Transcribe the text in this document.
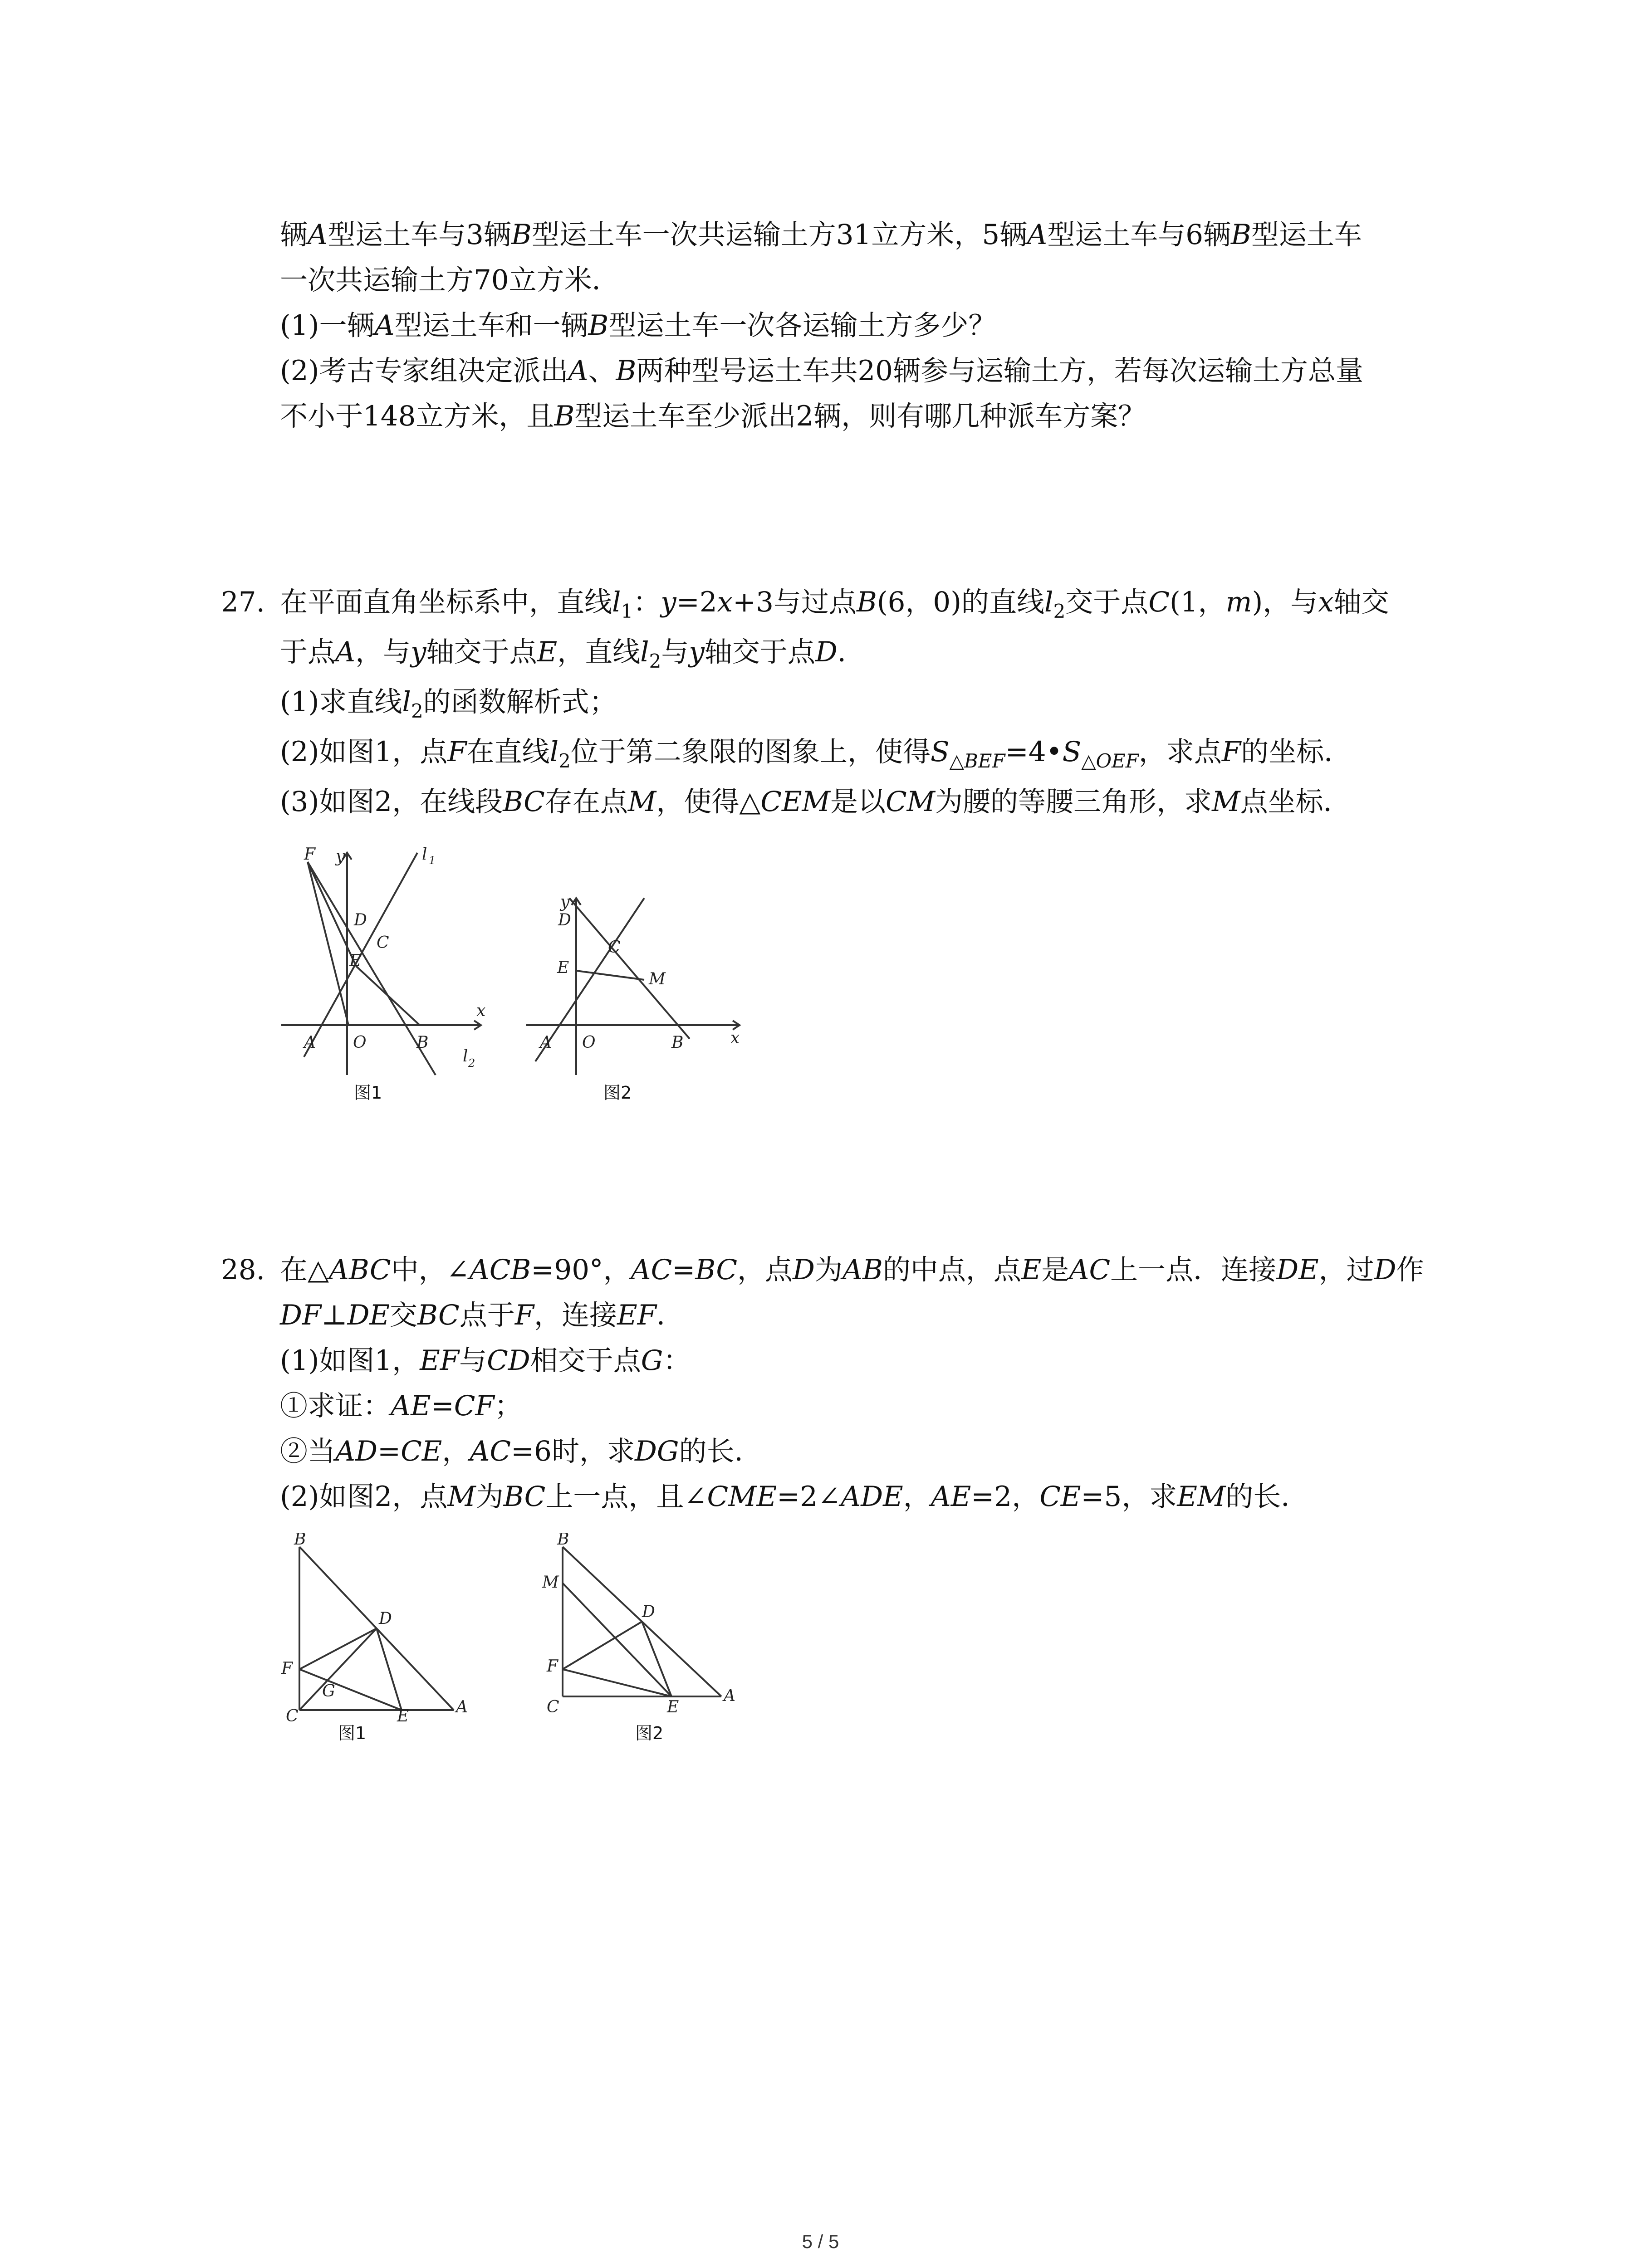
辆A型运土车与3辆B型运土车一次共运输土方31立方米，5辆A型运土车与6辆B型运土车
一次共运输土方70立方米．
(1)一辆A型运土车和一辆B型运土车一次各运输土方多少？
(2)考古专家组决定派出A、B两种型号运土车共20辆参与运输土方，若每次运输土方总量
不小于148立方米，且B型运土车至少派出2辆，则有哪几种派车方案？
27. 在平面直角坐标系中，直线$l_1$：y=2x+3与过点B(6，0)的直线$l_2$交于点C(1，m)，与x轴交
于点A，与y轴交于点E，直线$l_2$与y轴交于点D．
(1)求直线$l_2$的函数解析式；
(2)如图1，点F在直线$l_2$位于第二象限的图象上，使得$S_{\triangle BEF}=4•S_{\triangle OEF}$，求点F的坐标．
(3)如图2，在线段BC存在点M，使得△CEM是以CM为腰的等腰三角形，求M点坐标．
F y	l 1
D
C
E
x
A O	B
l 2
图1
y
D
C
E
M
x
A O	B
图2
28. 在△ABC中，∠ACB=90°，AC=BC，点D为AB的中点，点E是AC上一点．连接DE，过D作
DF⊥DE交BC点于F，连接EF．
(1)如图1，EF与CD相交于点G：
①求证：AE=CF；
②当AD=CE，AC=6时，求DG的长．
(2)如图2，点M为BC上一点，且∠CME=2∠ADE，AE=2，CE=5，求EM的长．
B
D
F
G
C	E	A
图1
B
M
D
F
C	E
A
图2
5 / 5
